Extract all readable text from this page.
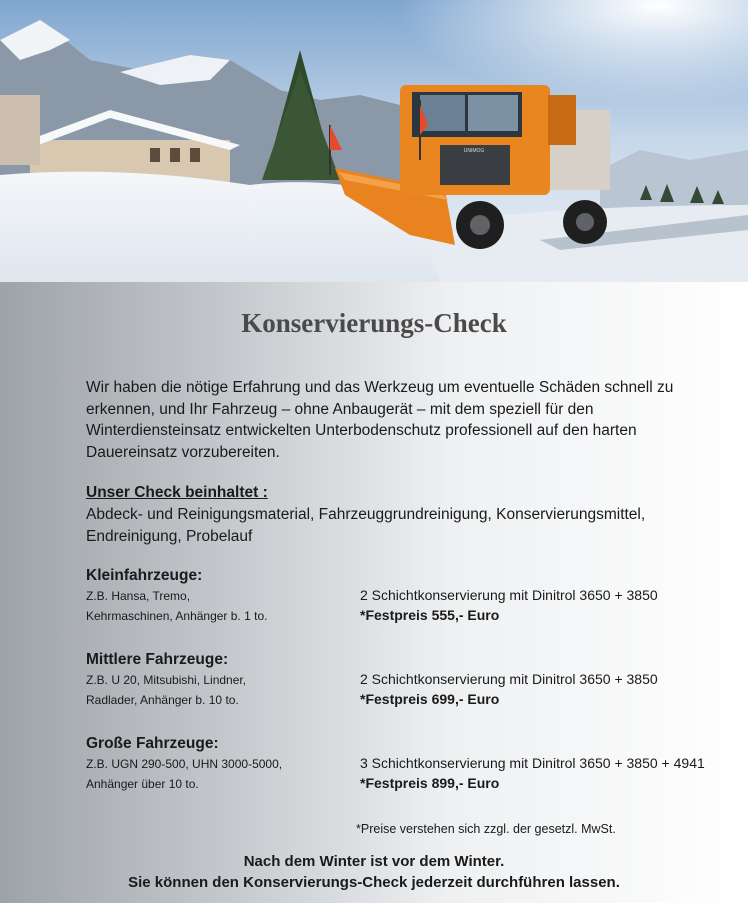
UNIMOG
Konservierungs-Check
Wir haben die nötige Erfahrung und das Werkzeug um eventuelle Schäden schnell zu erkennen, und Ihr Fahrzeug – ohne Anbaugerät – mit dem speziell für den Winterdiensteinsatz entwickelten Unterbodenschutz professionell auf den harten Dauereinsatz vorzubereiten.
Unser Check beinhaltet :
Abdeck- und Reinigungsmaterial, Fahrzeuggrundreinigung, Konservierungsmittel, Endreinigung, Probelauf
Kleinfahrzeuge:
Z.B. Hansa, Tremo,	2 Schichtkonservierung mit Dinitrol 3650 + 3850
Kehrmaschinen, Anhänger b. 1 to.	*Festpreis 555,- Euro
Mittlere Fahrzeuge:
Z.B. U 20, Mitsubishi, Lindner,	2 Schichtkonservierung mit Dinitrol 3650 + 3850
Radlader, Anhänger b. 10 to.	*Festpreis 699,- Euro
Große Fahrzeuge:
Z.B. UGN 290-500, UHN 3000-5000,	3 Schichtkonservierung mit Dinitrol 3650 + 3850 + 4941
Anhänger über 10 to.	*Festpreis 899,- Euro
*Preise verstehen sich zzgl. der gesetzl. MwSt.
Nach dem Winter ist vor dem Winter.
Sie können den Konservierungs-Check jederzeit durchführen lassen.
